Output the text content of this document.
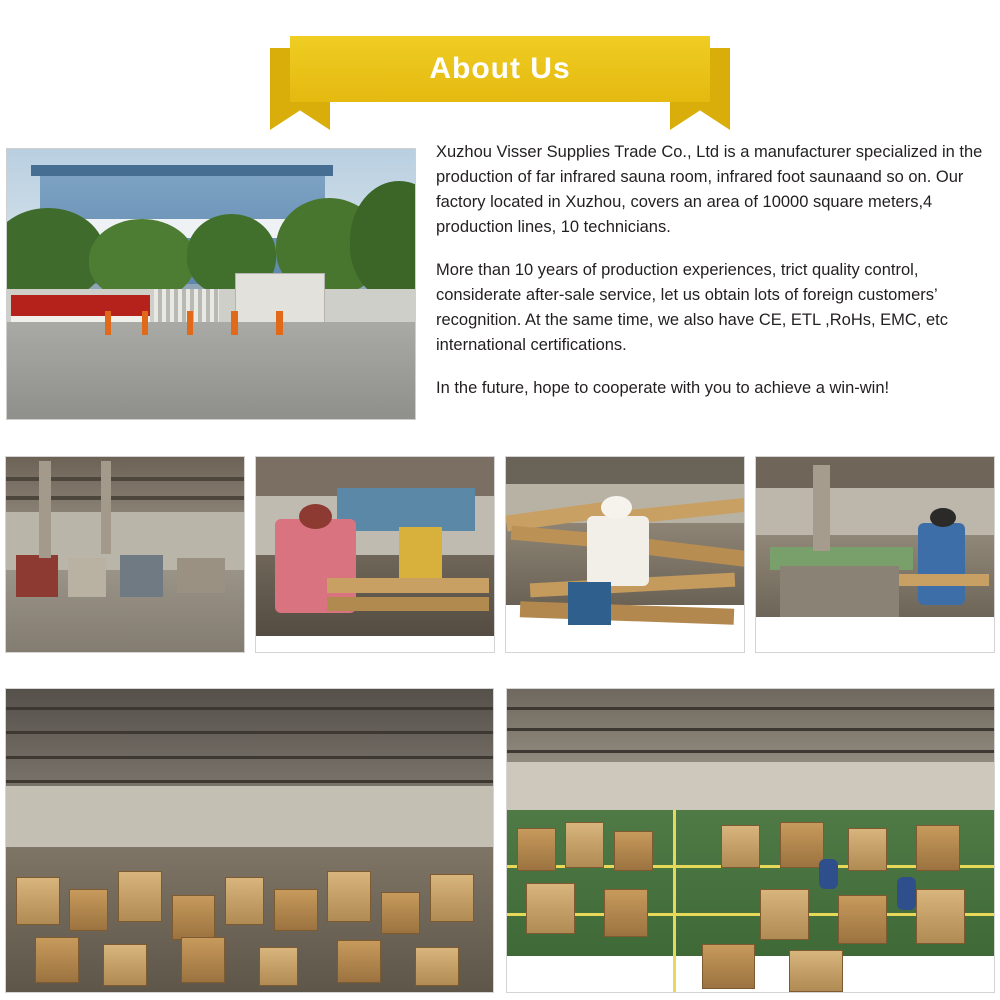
About Us

Xuzhou Visser Supplies Trade Co., Ltd is a manufacturer specialized in the production of far infrared sauna room, infrared foot saunaand so on. Our factory located in Xuzhou, covers an area of 10000 square meters,4 production lines, 10 technicians.

More than 10 years of production experiences, trict quality control, considerate after-sale service, let us obtain lots of foreign customers’ recognition. At the same time, we also have CE, ETL ,RoHs, EMC, etc international certifications.

In the future, hope to cooperate with you to achieve a win-win!
